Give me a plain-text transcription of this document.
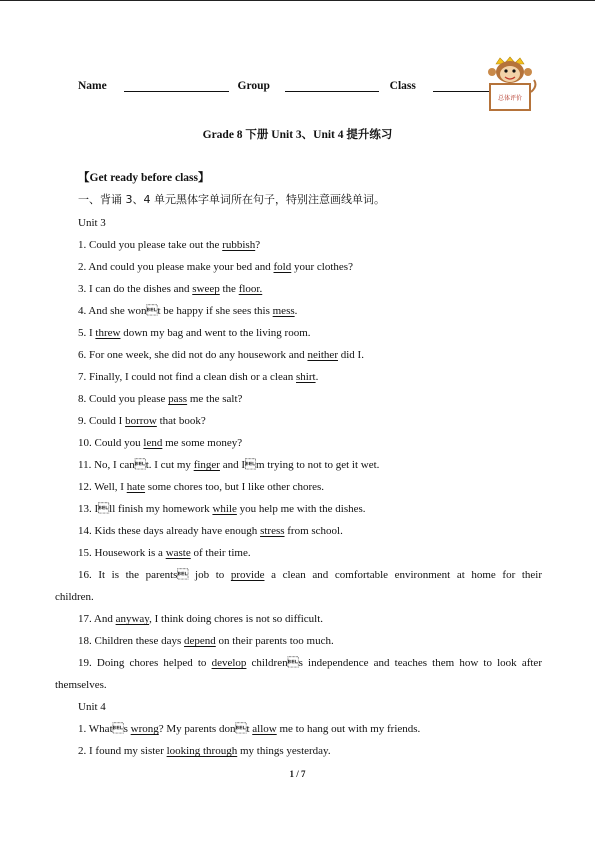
Name	Group	Class
总体评价
Grade 8 下册 Unit 3、Unit 4 提升练习
【Get ready before class】
一、背诵 3、4 单元黑体字单词所在句子，特别注意画线单词。
Unit 3
1. Could you please take out the rubbish?
2. And could you please make your bed and fold your clothes?
3. I can do the dishes and sweep the floor.
4. And she wont be happy if she sees this mess.
5. I threw down my bag and went to the living room.
6. For one week, she did not do any housework and neither did I.
7. Finally, I could not find a clean dish or a clean shirt.
8. Could you please pass me the salt?
9. Could I borrow that book?
10. Could you lend me some money?
11. No, I cant. I cut my finger and Im trying to not to get it wet.
12. Well, I hate some chores too, but I like other chores.
13. Ill finish my homework while you help me with the dishes.
14. Kids these days already have enough stress from school.
15. Housework is a waste of their time.
16. It is the parents job to provide a clean and comfortable environment at home for their
children.
17. And anyway, I think doing chores is not so difficult.
18. Children these days depend on their parents too much.
19. Doing chores helped to develop childrens independence and teaches them how to look after
themselves.
Unit 4
1. Whats wrong? My parents dont allow me to hang out with my friends.
2. I found my sister looking through my things yesterday.
1 / 7
